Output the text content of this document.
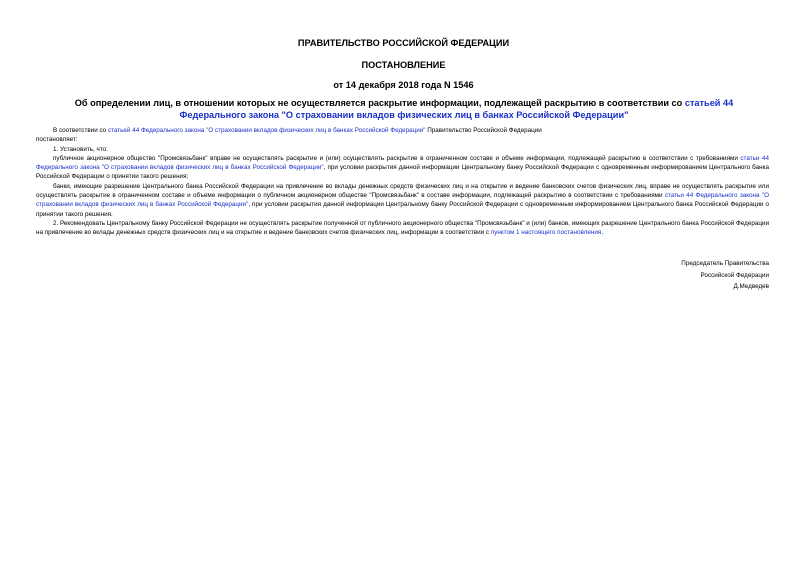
ПРАВИТЕЛЬСТВО РОССИЙСКОЙ ФЕДЕРАЦИИ

ПОСТАНОВЛЕНИЕ

от 14 декабря 2018 года N 1546

Об определении лиц, в отношении которых не осуществляется раскрытие информации, подлежащей раскрытию в соответствии со статьей 44 Федерального закона "О страховании вкладов физических лиц в банках Российской Федерации"

В соответствии со статьей 44 Федерального закона "О страховании вкладов физических лиц в банках Российской Федерации" Правительство Российской Федерации

постановляет:

1. Установить, что:

публичное акционерное общество "Промсвязьбанк" вправе не осуществлять раскрытие и (или) осуществлять раскрытие в ограниченном составе и объеме информации, подлежащей раскрытию в соответствии с требованиями статьи 44 Федерального закона "О страховании вкладов физических лиц в банках Российской Федерации", при условии раскрытия данной информации Центральному банку Российской Федерации с одновременным информированием Центрального банка Российской Федерации о принятии такого решения;

банки, имеющие разрешение Центрального банка Российской Федерации на привлечение во вклады денежных средств физических лиц и на открытие и ведение банковских счетов физических лиц, вправе не осуществлять раскрытие или осуществлять раскрытие в ограниченном составе и объеме информации о публичном акционерном обществе "Промсвязьбанк" в составе информации, подлежащей раскрытию в соответствии с требованиями статьи 44 Федерального закона "О страховании вкладов физических лиц в банках Российской Федерации", при условии раскрытия данной информации Центральному банку Российской Федерации с одновременным информированием Центрального банка Российской Федерации о принятии такого решения.

2. Рекомендовать Центральному банку Российской Федерации не осуществлять раскрытие полученной от публичного акционерного общества "Промсвязьбанк" и (или) банков, имеющих разрешение Центрального банка Российской Федерации на привлечение во вклады денежных средств физических лиц и на открытие и ведение банковских счетов физических лиц, информации в соответствии с пунктом 1 настоящего постановления.

Председатель Правительства
Российской Федерации
Д.Медведев
